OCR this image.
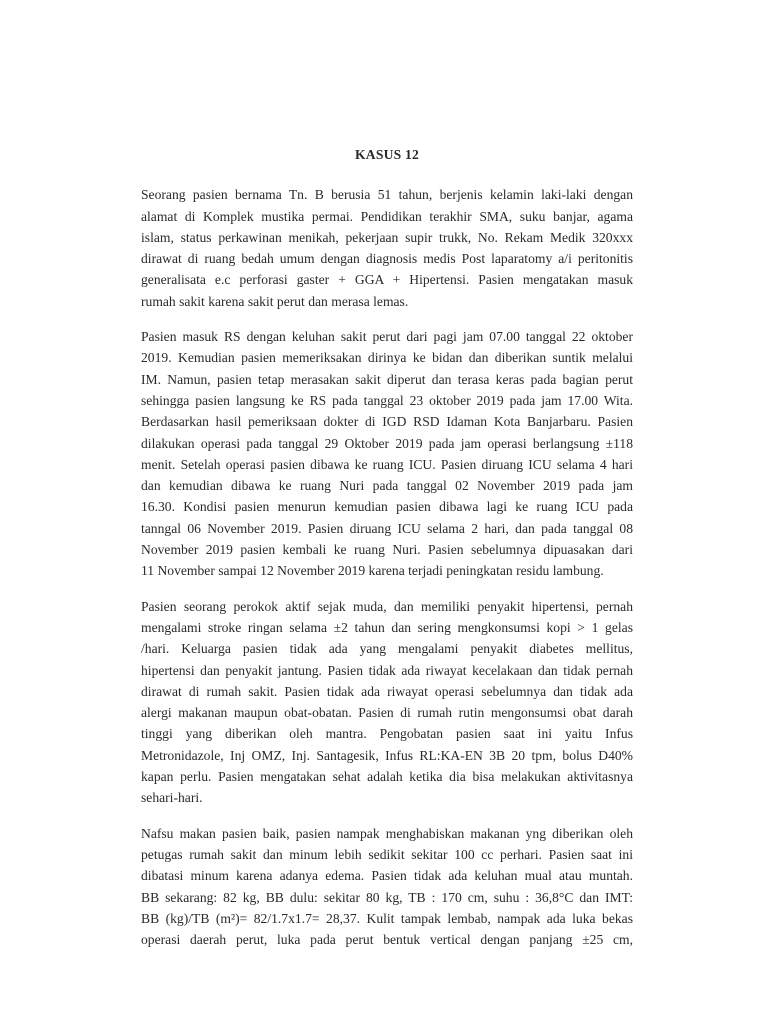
KASUS 12
Seorang pasien bernama Tn. B berusia 51 tahun, berjenis kelamin laki-laki dengan
alamat di Komplek mustika permai. Pendidikan terakhir SMA, suku banjar, agama
islam, status perkawinan menikah, pekerjaan supir trukk, No. Rekam Medik 320xxx
dirawat di ruang bedah umum dengan diagnosis medis Post laparatomy a/i peritonitis
generalisata e.c perforasi gaster + GGA + Hipertensi. Pasien mengatakan masuk
rumah sakit karena sakit perut dan merasa lemas.
Pasien masuk RS dengan keluhan sakit perut dari pagi jam 07.00 tanggal 22 oktober
2019. Kemudian pasien memeriksakan dirinya ke bidan dan diberikan suntik melalui
IM. Namun, pasien tetap merasakan sakit diperut dan terasa keras pada bagian perut
sehingga pasien langsung ke RS pada tanggal 23 oktober 2019 pada jam 17.00 Wita.
Berdasarkan hasil pemeriksaan dokter di IGD RSD Idaman Kota Banjarbaru. Pasien
dilakukan operasi pada tanggal 29 Oktober 2019 pada jam operasi berlangsung ±118
menit. Setelah operasi pasien dibawa ke ruang ICU. Pasien diruang ICU selama 4 hari
dan kemudian dibawa ke ruang Nuri pada tanggal 02 November 2019 pada jam
16.30. Kondisi pasien menurun kemudian pasien dibawa lagi ke ruang ICU pada
tanngal 06 November 2019. Pasien diruang ICU selama 2 hari, dan pada tanggal 08
November 2019 pasien kembali ke ruang Nuri. Pasien sebelumnya dipuasakan dari
11 November sampai 12 November 2019 karena terjadi peningkatan residu lambung.
Pasien seorang perokok aktif sejak muda, dan memiliki penyakit hipertensi, pernah
mengalami stroke ringan selama ±2 tahun dan sering mengkonsumsi kopi > 1 gelas
/hari. Keluarga pasien tidak ada yang mengalami penyakit diabetes mellitus,
hipertensi dan penyakit jantung. Pasien tidak ada riwayat kecelakaan dan tidak pernah
dirawat di rumah sakit. Pasien tidak ada riwayat operasi sebelumnya dan tidak ada
alergi makanan maupun obat-obatan. Pasien di rumah rutin mengonsumsi obat darah
tinggi yang diberikan oleh mantra. Pengobatan pasien saat ini yaitu Infus
Metronidazole, Inj OMZ, Inj. Santagesik, Infus RL:KA-EN 3B 20 tpm, bolus D40%
kapan perlu. Pasien mengatakan sehat adalah ketika dia bisa melakukan aktivitasnya
sehari-hari.
Nafsu makan pasien baik, pasien nampak menghabiskan makanan yng diberikan oleh
petugas rumah sakit dan minum lebih sedikit sekitar 100 cc perhari. Pasien saat ini
dibatasi minum karena adanya edema. Pasien tidak ada keluhan mual atau muntah.
BB sekarang: 82 kg, BB dulu: sekitar 80 kg, TB : 170 cm, suhu : 36,8°C dan IMT:
BB (kg)/TB (m²)= 82/1.7x1.7= 28,37. Kulit tampak lembab, nampak ada luka bekas
operasi daerah perut, luka pada perut bentuk vertical dengan panjang ±25 cm,
